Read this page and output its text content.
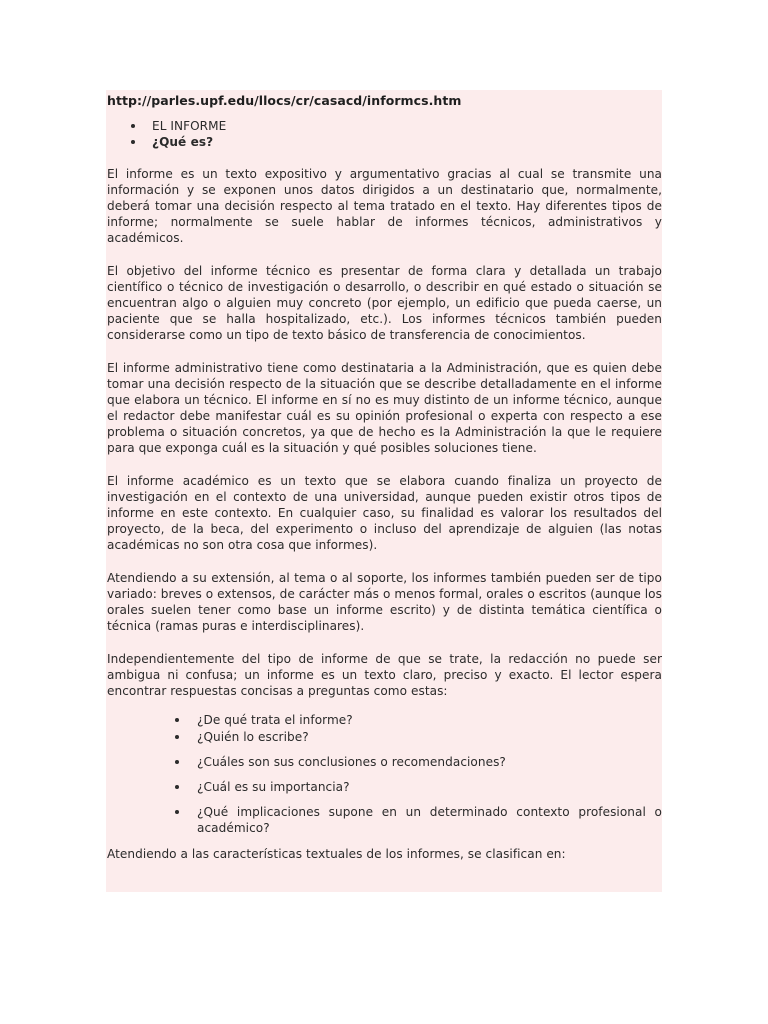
http://parles.upf.edu/llocs/cr/casacd/informcs.htm
EL INFORME
¿Qué es?

El informe es un texto expositivo y argumentativo gracias al cual se transmite una información y se exponen unos datos dirigidos a un destinatario que, normalmente, deberá tomar una decisión respecto al tema tratado en el texto. Hay diferentes tipos de informe; normalmente se suele hablar de informes técnicos, administrativos y académicos.

El objetivo del informe técnico es presentar de forma clara y detallada un trabajo científico o técnico de investigación o desarrollo, o describir en qué estado o situación se encuentran algo o alguien muy concreto (por ejemplo, un edificio que pueda caerse, un paciente que se halla hospitalizado, etc.). Los informes técnicos también pueden considerarse como un tipo de texto básico de transferencia de conocimientos.

El informe administrativo tiene como destinataria a la Administración, que es quien debe tomar una decisión respecto de la situación que se describe detalladamente en el informe que elabora un técnico. El informe en sí no es muy distinto de un informe técnico, aunque el redactor debe manifestar cuál es su opinión profesional o experta con respecto a ese problema o situación concretos, ya que de hecho es la Administración la que le requiere para que exponga cuál es la situación y qué posibles soluciones tiene.

El informe académico es un texto que se elabora cuando finaliza un proyecto de investigación en el contexto de una universidad, aunque pueden existir otros tipos de informe en este contexto. En cualquier caso, su finalidad es valorar los resultados del proyecto, de la beca, del experimento o incluso del aprendizaje de alguien (las notas académicas no son otra cosa que informes).

Atendiendo a su extensión, al tema o al soporte, los informes también pueden ser de tipo variado: breves o extensos, de carácter más o menos formal, orales o escritos (aunque los orales suelen tener como base un informe escrito) y de distinta temática científica o técnica (ramas puras e interdisciplinares).

Independientemente del tipo de informe de que se trate, la redacción no puede ser ambigua ni confusa; un informe es un texto claro, preciso y exacto. El lector espera encontrar respuestas concisas a preguntas como estas:

¿De qué trata el informe?
¿Quién lo escribe?
¿Cuáles son sus conclusiones o recomendaciones?
¿Cuál es su importancia?
¿Qué implicaciones supone en un determinado contexto profesional o académico?

Atendiendo a las características textuales de los informes, se clasifican en:
